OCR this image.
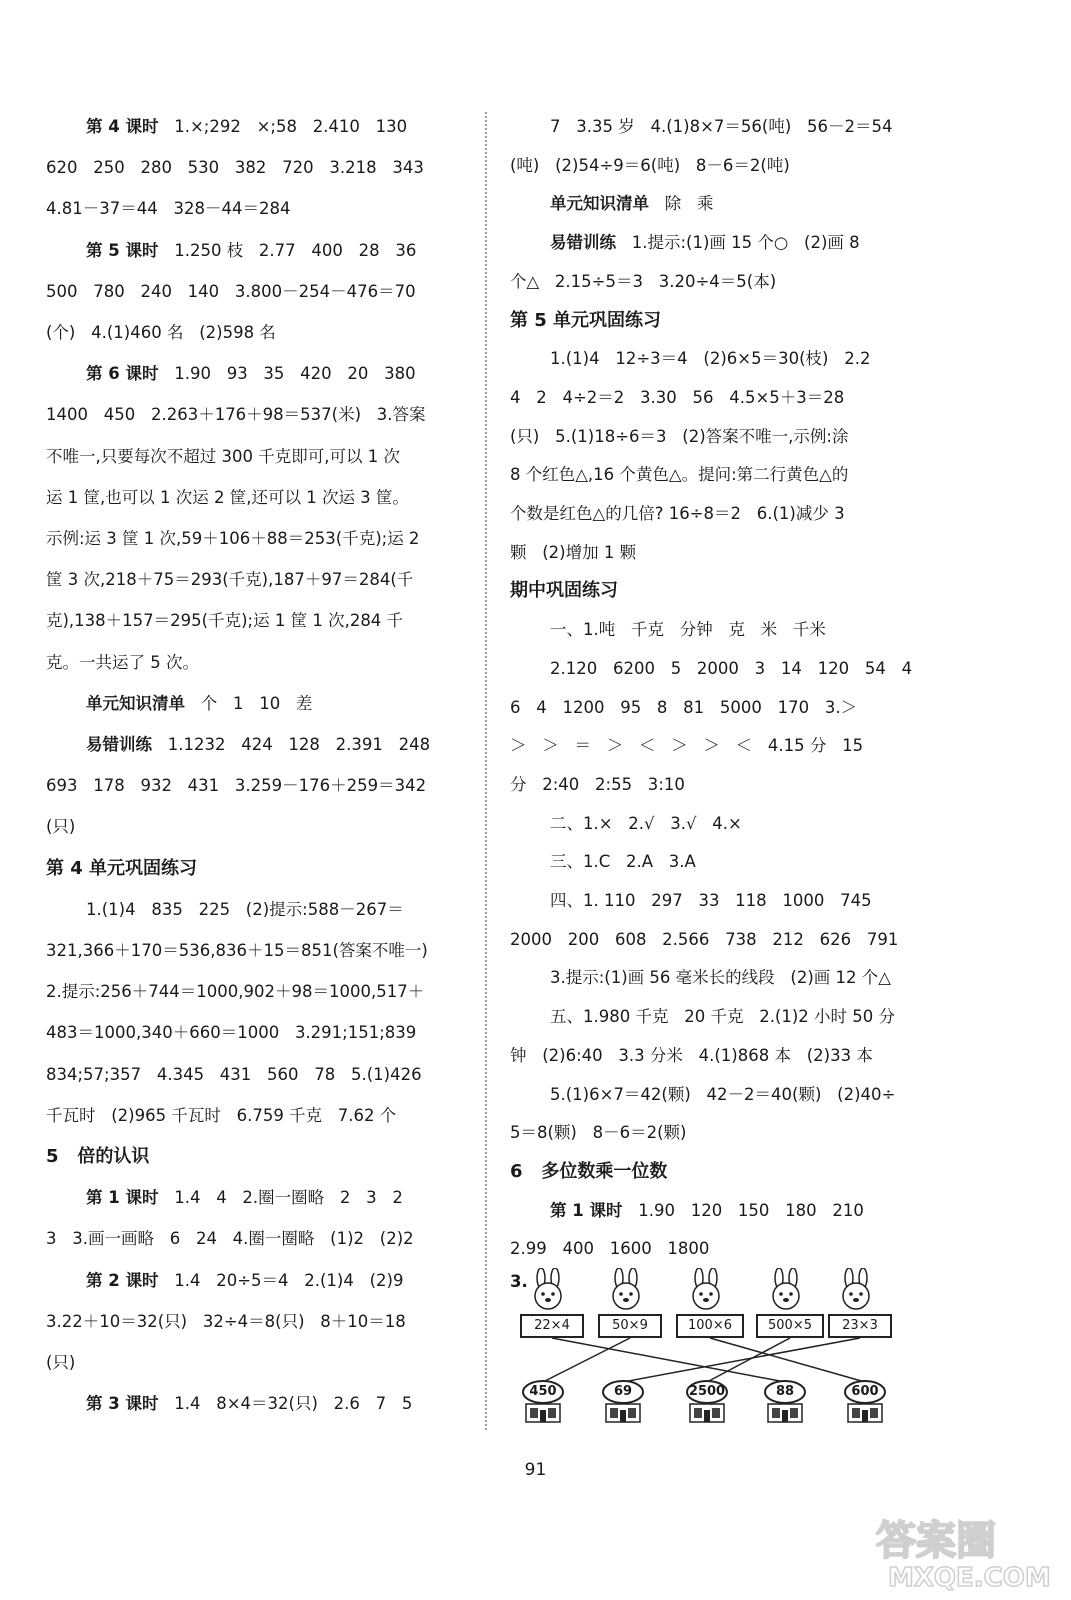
第 4 课时   1.×;292   ×;58   2.410   130
620   250   280   530   382   720   3.218   343
4.81－37＝44   328－44＝284
第 5 课时   1.250 枝   2.77   400   28   36
500   780   240   140   3.800－254－476＝70
(个)   4.(1)460 名   (2)598 名
第 6 课时   1.90   93   35   420   20   380
1400   450   2.263＋176＋98＝537(米)   3.答案
不唯一,只要每次不超过 300 千克即可,可以 1 次
运 1 筐,也可以 1 次运 2 筐,还可以 1 次运 3 筐。
示例:运 3 筐 1 次,59＋106＋88＝253(千克);运 2
筐 3 次,218＋75＝293(千克),187＋97＝284(千
克),138＋157＝295(千克);运 1 筐 1 次,284 千
克。一共运了 5 次。
单元知识清单   个   1   10   差
易错训练   1.1232   424   128   2.391   248
693   178   932   431   3.259－176＋259＝342
(只)
第 4 单元巩固练习
1.(1)4   835   225   (2)提示:588－267＝
321,366＋170＝536,836＋15＝851(答案不唯一)
2.提示:256＋744＝1000,902＋98＝1000,517＋
483＝1000,340＋660＝1000   3.291;151;839
834;57;357   4.345   431   560   78   5.(1)426
千瓦时   (2)965 千瓦时   6.759 千克   7.62 个
5   倍的认识
第 1 课时   1.4   4   2.圈一圈略   2   3   2
3   3.画一画略   6   24   4.圈一圈略   (1)2   (2)2
第 2 课时   1.4   20÷5＝4   2.(1)4   (2)9
3.22＋10＝32(只)   32÷4＝8(只)   8＋10＝18
(只)
第 3 课时   1.4   8×4＝32(只)   2.6   7   5
7   3.35 岁   4.(1)8×7＝56(吨)   56－2＝54
(吨)   (2)54÷9＝6(吨)   8－6＝2(吨)
单元知识清单   除   乘
易错训练   1.提示:(1)画 15 个○   (2)画 8
个△   2.15÷5＝3   3.20÷4＝5(本)
第 5 单元巩固练习
1.(1)4   12÷3＝4   (2)6×5＝30(枝)   2.2
4   2   4÷2＝2   3.30   56   4.5×5＋3＝28
(只)   5.(1)18÷6＝3   (2)答案不唯一,示例:涂
8 个红色△,16 个黄色△。提问:第二行黄色△的
个数是红色△的几倍? 16÷8＝2   6.(1)减少 3
颗   (2)增加 1 颗
期中巩固练习
一、1.吨   千克   分钟   克   米   千米
2.120   6200   5   2000   3   14   120   54   4
6   4   1200   95   8   81   5000   170   3.＞
＞   ＞   ＝   ＞   ＜   ＞   ＞   ＜   4.15 分   15
分   2:40   2:55   3:10
二、1.×   2.√   3.√   4.×
三、1.C   2.A   3.A
四、1. 110   297   33   118   1000   745
2000   200   608   2.566   738   212   626   791
3.提示:(1)画 56 毫米长的线段   (2)画 12 个△
五、1.980 千克   20 千克   2.(1)2 小时 50 分
钟   (2)6:40   3.3 分米   4.(1)868 本   (2)33 本
5.(1)6×7＝42(颗)   42－2＝40(颗)   (2)40÷
5＝8(颗)   8－6＝2(颗)
6   多位数乘一位数
第 1 课时   1.90   120   150   180   210
2.99   400   1600   1800
3.
22×4	50×9	100×6	500×5	23×3
450	69	2500	88	600
91
答案圈
MXQE.COM
